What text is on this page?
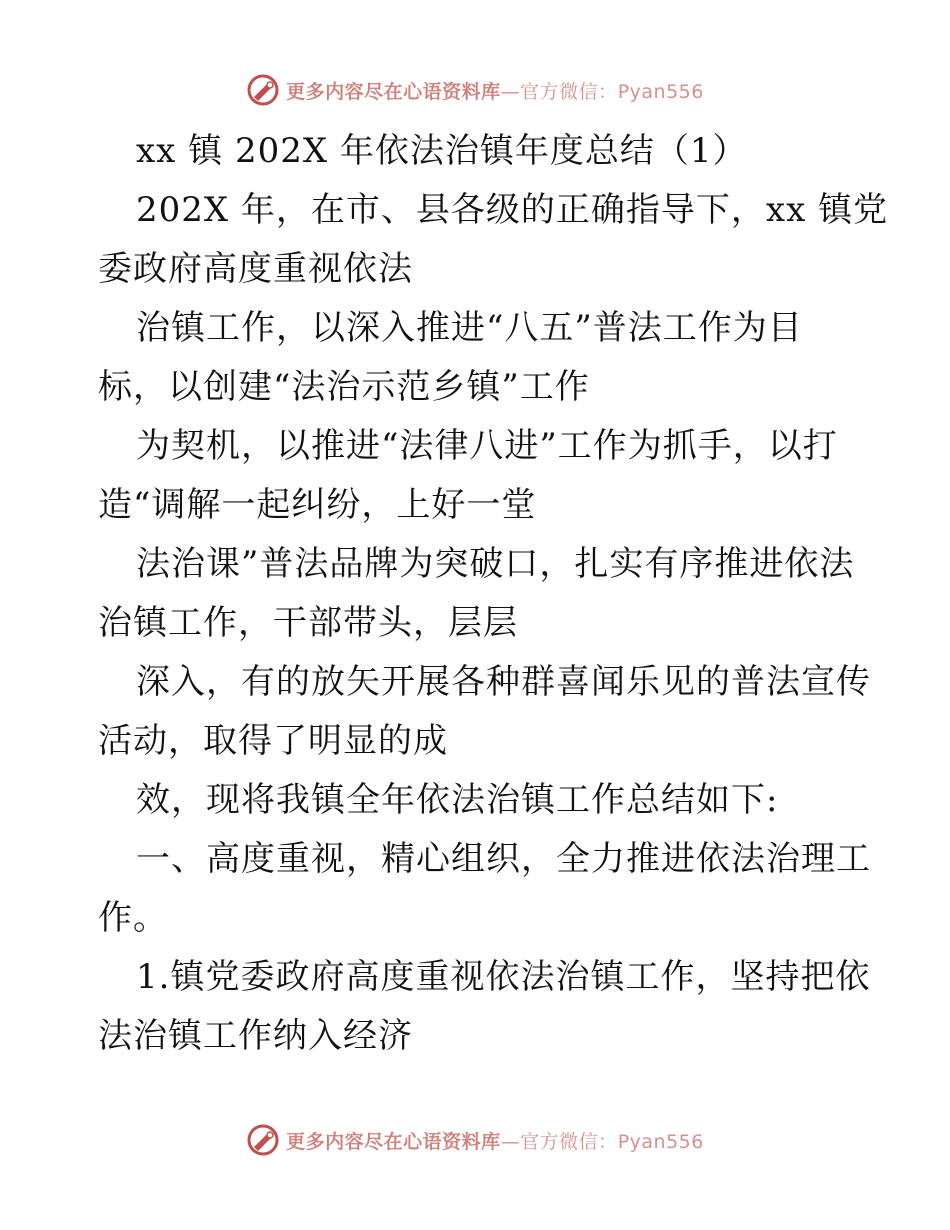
更多内容尽在心语资料库—官方微信：Pyan556
xx 镇 202X 年依法治镇年度总结（1）
202X 年，在市、县各级的正确指导下，xx 镇党
委政府高度重视依法
治镇工作，以深入推进“八五”普法工作为目
标，以创建“法治示范乡镇”工作
为契机，以推进“法律八进”工作为抓手，以打
造“调解一起纠纷，上好一堂
法治课”普法品牌为突破口，扎实有序推进依法
治镇工作，干部带头，层层
深入，有的放矢开展各种群喜闻乐见的普法宣传
活动，取得了明显的成
效，现将我镇全年依法治镇工作总结如下:
一、高度重视，精心组织，全力推进依法治理工
作。
1.镇党委政府高度重视依法治镇工作，坚持把依
法治镇工作纳入经济
更多内容尽在心语资料库—官方微信：Pyan556
